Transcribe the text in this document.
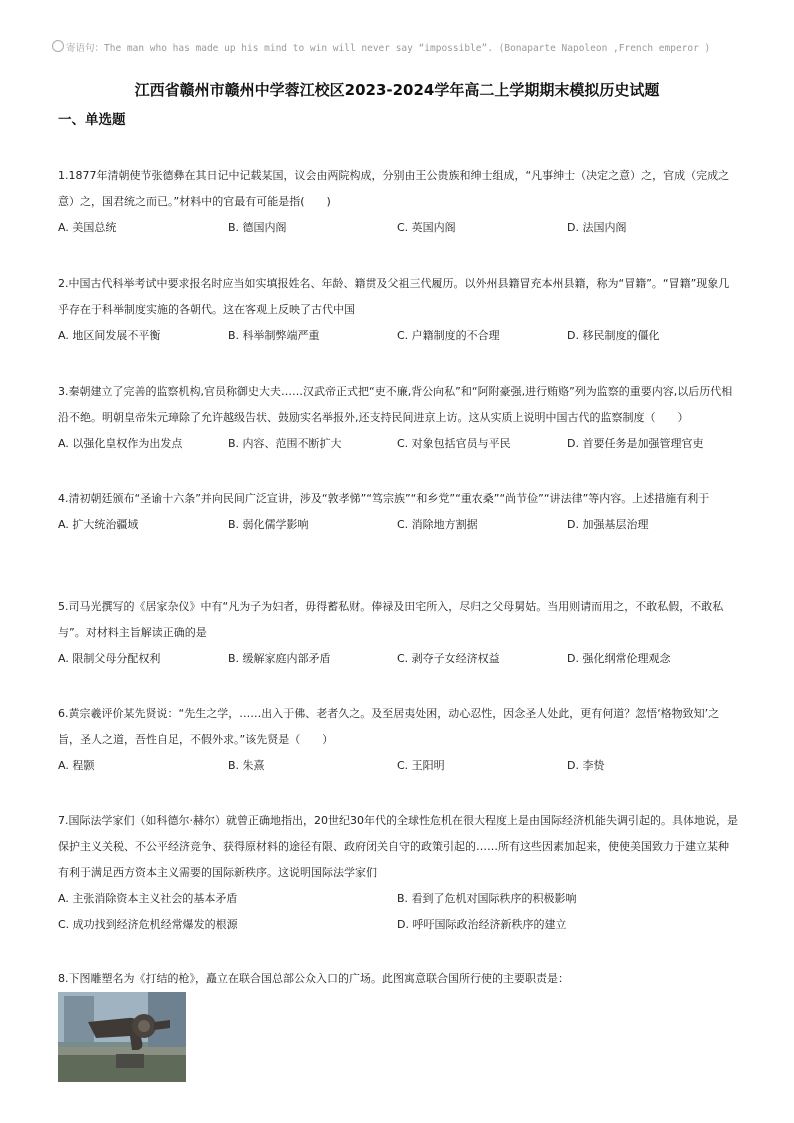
寄语句：The man who has made up his mind to win will never say “impossible”. (Bonaparte Napoleon ,French emperor )
江西省赣州市赣州中学蓉江校区2023-2024学年高二上学期期末模拟历史试题
一、单选题

1.1877年清朝使节张德彝在其日记中记载某国，议会由两院构成，分别由王公贵族和绅士组成，“凡事绅士（决定之意）之，官成（完成之意）之，国君统之而已。”材料中的官最有可能是指(　　)

A. 美国总统	B. 德国内阁	C. 英国内阁	D. 法国内阁

2.中国古代科举考试中要求报名时应当如实填报姓名、年龄、籍贯及父祖三代履历。以外州县籍冒充本州县籍，称为“冒籍”。“冒籍”现象几乎存在于科举制度实施的各朝代。这在客观上反映了古代中国

A. 地区间发展不平衡	B. 科举制弊端严重	C. 户籍制度的不合理	D. 移民制度的僵化

3.秦朝建立了完善的监察机构,官员称御史大夫……汉武帝正式把“吏不廉,背公向私”和“阿附豪强,进行贿赂”列为监察的重要内容,以后历代相沿不绝。明朝皇帝朱元璋除了允许越级告状、鼓励实名举报外,还支持民间进京上访。这从实质上说明中国古代的监察制度（　　）

A. 以强化皇权作为出发点	B. 内容、范围不断扩大	C. 对象包括官员与平民	D. 首要任务是加强管理官吏

4.清初朝廷颁布“圣谕十六条”并向民间广泛宣讲，涉及“敦孝悌”“笃宗族”“和乡党”“重农桑”“尚节俭”“讲法律”等内容。上述措施有利于

A. 扩大统治疆域	B. 弱化儒学影响	C. 消除地方割据	D. 加强基层治理

5.司马光撰写的《居家杂仪》中有“凡为子为妇者，毋得蓄私财。俸禄及田宅所入，尽归之父母舅姑。当用则请而用之，不敢私假，不敢私与”。对材料主旨解读正确的是

A. 限制父母分配权利	B. 缓解家庭内部矛盾	C. 剥夺子女经济权益	D. 强化纲常伦理观念

6.黄宗羲评价某先贤说：“先生之学，……出入于佛、老者久之。及至居夷处困，动心忍性，因念圣人处此，更有何道？忽悟‘格物致知’之旨，圣人之道，吾性自足，不假外求。”该先贤是（　　）

A. 程颢	B. 朱熹	C. 王阳明	D. 李贽

7.国际法学家们（如科德尔·赫尔）就曾正确地指出，20世纪30年代的全球性危机在很大程度上是由国际经济机能失调引起的。具体地说，是保护主义关税、不公平经济竞争、获得原材料的途径有限、政府闭关自守的政策引起的……所有这些因素加起来，使使美国致力于建立某种有利于满足西方资本主义需要的国际新秩序。这说明国际法学家们

A. 主张消除资本主义社会的基本矛盾	B. 看到了危机对国际秩序的积极影响
C. 成功找到经济危机经常爆发的根源	D. 呼吁国际政治经济新秩序的建立

8.下图雕塑名为《打结的枪》，矗立在联合国总部公众入口的广场。此图寓意联合国所行使的主要职责是：
